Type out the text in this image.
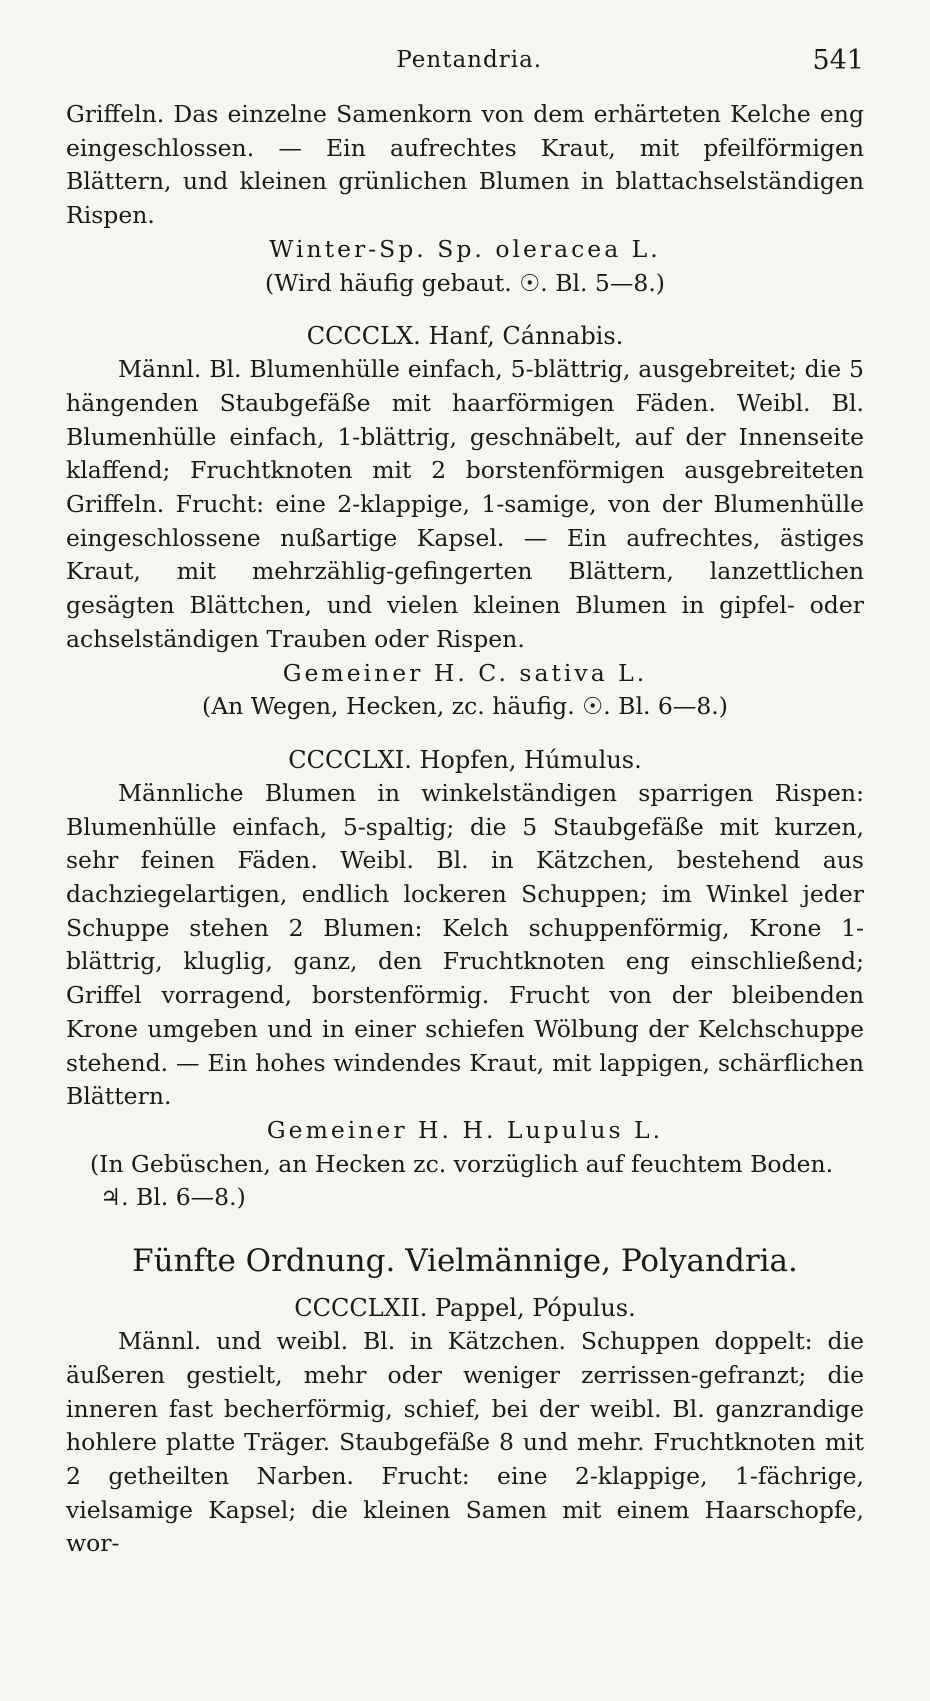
Pentandria.	541

Griffeln. Das einzelne Samenkorn von dem erhärteten Kelche eng eingeschlossen. — Ein aufrechtes Kraut, mit pfeilförmigen Blättern, und kleinen grünlichen Blumen in blattachselständigen Rispen.

Winter-Sp. Sp. oleracea L.

(Wird häufig gebaut. ☉. Bl. 5—8.)

CCCCLX. Hanf, Cánnabis.

Männl. Bl. Blumenhülle einfach, 5-blättrig, ausgebreitet; die 5 hängenden Staubgefäße mit haarförmigen Fäden. Weibl. Bl. Blumenhülle einfach, 1-blättrig, geschnäbelt, auf der Innenseite klaffend; Fruchtknoten mit 2 borstenförmigen ausgebreiteten Griffeln. Frucht: eine 2-klappige, 1-samige, von der Blumenhülle eingeschlossene nußartige Kapsel. — Ein aufrechtes, ästiges Kraut, mit mehrzählig-gefingerten Blättern, lanzettlichen gesägten Blättchen, und vielen kleinen Blumen in gipfel- oder achselständigen Trauben oder Rispen.

Gemeiner H. C. sativa L.

(An Wegen, Hecken, zc. häufig. ☉. Bl. 6—8.)

CCCCLXI. Hopfen, Húmulus.

Männliche Blumen in winkelständigen sparrigen Rispen: Blumenhülle einfach, 5-spaltig; die 5 Staubgefäße mit kurzen, sehr feinen Fäden. Weibl. Bl. in Kätzchen, bestehend aus dachziegelartigen, endlich lockeren Schuppen; im Winkel jeder Schuppe stehen 2 Blumen: Kelch schuppenförmig, Krone 1-blättrig, kluglig, ganz, den Fruchtknoten eng einschließend; Griffel vorragend, borstenförmig. Frucht von der bleibenden Krone umgeben und in einer schiefen Wölbung der Kelchschuppe stehend. — Ein hohes windendes Kraut, mit lappigen, schärflichen Blättern.

Gemeiner H. H. Lupulus L.

(In Gebüschen, an Hecken zc. vorzüglich auf feuchtem Boden. ♃. Bl. 6—8.)

Fünfte Ordnung. Vielmännige, Polyandria.

CCCCLXII. Pappel, Pópulus.

Männl. und weibl. Bl. in Kätzchen. Schuppen doppelt: die äußeren gestielt, mehr oder weniger zerrissen-gefranzt; die inneren fast becherförmig, schief, bei der weibl. Bl. ganzrandige hohlere platte Träger. Staubgefäße 8 und mehr. Fruchtknoten mit 2 getheilten Narben. Frucht: eine 2-klappige, 1-fächrige, vielsamige Kapsel; die kleinen Samen mit einem Haarschopfe, wor-
